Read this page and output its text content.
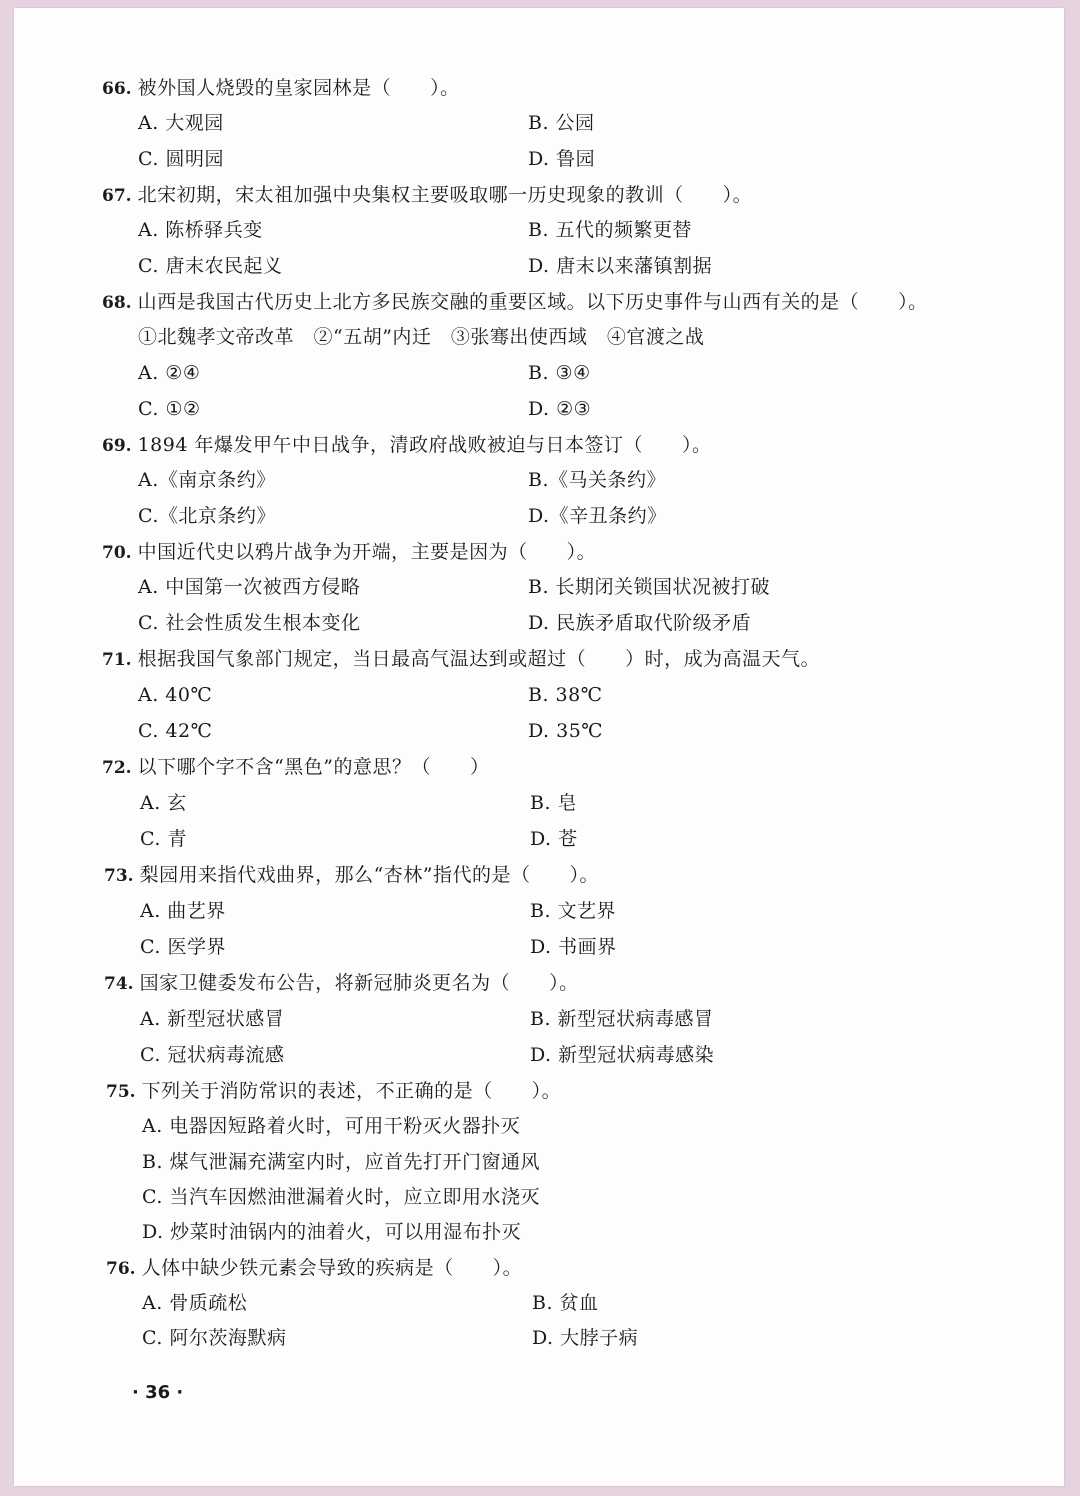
66. 被外国人烧毁的皇家园林是（　　）。
A. 大观园	B. 公园
C. 圆明园	D. 鲁园
67. 北宋初期，宋太祖加强中央集权主要吸取哪一历史现象的教训（　　）。
A. 陈桥驿兵变	B. 五代的频繁更替
C. 唐末农民起义	D. 唐末以来藩镇割据
68. 山西是我国古代历史上北方多民族交融的重要区域。以下历史事件与山西有关的是（　　）。
①北魏孝文帝改革　②“五胡”内迁　③张骞出使西域　④官渡之战
A. ②④	B. ③④
C. ①②	D. ②③
69. 1894 年爆发甲午中日战争，清政府战败被迫与日本签订（　　）。
A.《南京条约》	B.《马关条约》
C.《北京条约》	D.《辛丑条约》
70. 中国近代史以鸦片战争为开端，主要是因为（　　）。
A. 中国第一次被西方侵略	B. 长期闭关锁国状况被打破
C. 社会性质发生根本变化	D. 民族矛盾取代阶级矛盾
71. 根据我国气象部门规定，当日最高气温达到或超过（　　）时，成为高温天气。
A. 40℃	B. 38℃
C. 42℃	D. 35℃
72. 以下哪个字不含“黑色”的意思？（　　）
A. 玄	B. 皂
C. 青	D. 苍
73. 梨园用来指代戏曲界，那么“杏林”指代的是（　　）。
A. 曲艺界	B. 文艺界
C. 医学界	D. 书画界
74. 国家卫健委发布公告，将新冠肺炎更名为（　　）。
A. 新型冠状感冒	B. 新型冠状病毒感冒
C. 冠状病毒流感	D. 新型冠状病毒感染
75. 下列关于消防常识的表述，不正确的是（　　）。
A. 电器因短路着火时，可用干粉灭火器扑灭
B. 煤气泄漏充满室内时，应首先打开门窗通风
C. 当汽车因燃油泄漏着火时，应立即用水浇灭
D. 炒菜时油锅内的油着火，可以用湿布扑灭
76. 人体中缺少铁元素会导致的疾病是（　　）。
A. 骨质疏松	B. 贫血
C. 阿尔茨海默病	D. 大脖子病
· 36 ·
